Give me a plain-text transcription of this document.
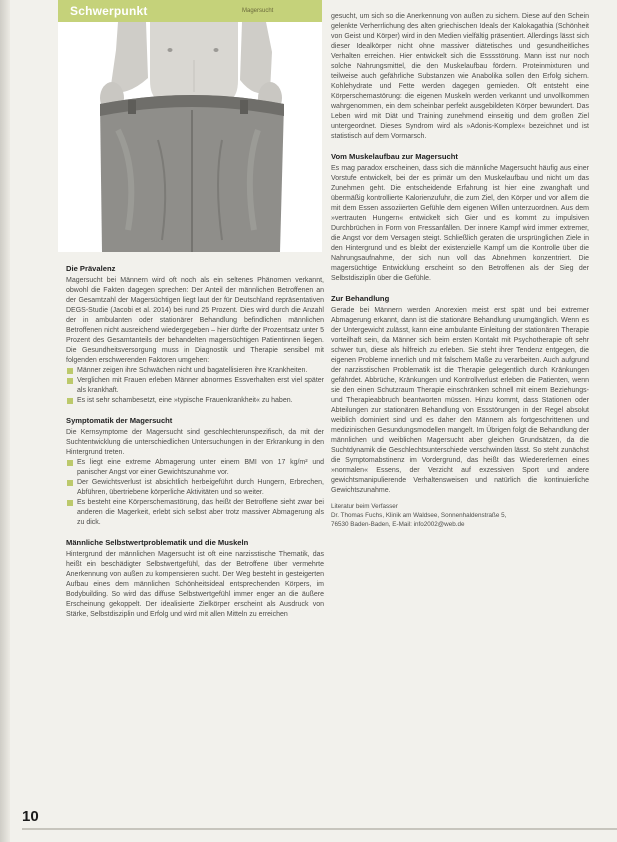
Schwerpunkt	Magersucht
Die Prävalenz

Magersucht bei Männern wird oft noch als ein seltenes Phänomen verkannt, obwohl die Fakten dagegen sprechen: Der Anteil der männlichen Betroffenen an der Gesamtzahl der Magersüchtigen liegt laut der für Deutschland repräsentativen DEGS-Studie (Jacobi et al. 2014) bei rund 25 Prozent. Dies wird durch die Anzahl der in ambulanten oder stationärer Behandlung befindlichen männlichen Betroffenen nicht ausreichend wiedergegeben – hier dürfte der Prozentsatz unter 5 Prozent des Gesamtanteils der behandelten magersüchtigen Patientinnen liegen. Die Gesundheitsversorgung muss in Diagnostik und Therapie sensibel mit folgenden erschwerenden Faktoren umgehen:

Männer zeigen ihre Schwächen nicht und bagatellisieren ihre Krankheiten.
Verglichen mit Frauen erleben Männer abnormes Essverhalten erst viel später als krankhaft.
Es ist sehr schambesetzt, eine »typische Frauenkrankheit« zu haben.
Symptomatik der Magersucht

Die Kernsymptome der Magersucht sind geschlechterunspezifisch, da mit der Suchtentwicklung die unterschiedlichen Untersuchungen in der Erkrankung in den Hintergrund treten.

Es liegt eine extreme Abmagerung unter einem BMI von 17 kg/m² und panischer Angst vor einer Gewichtszunahme vor.
Der Gewichtsverlust ist absichtlich herbeigeführt durch Hungern, Erbrechen, Abführen, übertriebene körperliche Aktivitäten und so weiter.
Es besteht eine Körperschemastörung, das heißt der Betroffene sieht zwar bei anderen die Magerkeit, erlebt sich selbst aber trotz massiver Abmagerung als zu dick.
Männliche Selbstwertproblematik und die Muskeln

Hintergrund der männlichen Magersucht ist oft eine narzisstische Thematik, das heißt ein beschädigter Selbstwertgefühl, das der Betroffene über vermehrte Anerkennung von außen zu kompensieren sucht. Der Weg besteht in gesteigerten Aufbau eines dem männlichen Schönheitsideal entsprechenden Körpers, im Bodybuilding. So wird das diffuse Selbstwertgefühl immer enger an die äußere Erscheinung gekoppelt. Der idealisierte Zielkörper erscheint als Ausdruck von Stärke, Selbstdisziplin und Erfolg und wird mit allen Mitteln zu erreichen

gesucht, um sich so die Anerkennung von außen zu sichern. Diese auf den Schein gelenkte Verherrlichung des alten griechischen Ideals der Kalokagathia (Schönheit von Geist und Körper) wird in den Medien vielfältig präsentiert. Allerdings lässt sich dieser Idealkörper nicht ohne massiver diätetisches und gesundheitliches Verhalten erreichen. Hier entwickelt sich die Esssstörung. Mann isst nur noch solche Nahrungsmittel, die den Muskelaufbau fördern. Proteinmixturen und teilweise auch gefährliche Substanzen wie Anabolika sollen den Erfolg sichern. Kohlehydrate und Fette werden dagegen gemieden. Oft entsteht eine Körperschemastörung: die eigenen Muskeln werden verkannt und unvollkommen wahrgenommen, ein dem scheinbar perfekt ausgebildeten Körper bewundert. Das Leben wird mit Diät und Training zunehmend einseitig und dem großen Ziel untergeordnet. Dieses Syndrom wird als »Adonis-Komplex« bezeichnet und ist statistisch auf dem Vormarsch.

Vom Muskelaufbau zur Magersucht

Es mag paradox erscheinen, dass sich die männliche Magersucht häufig aus einer Vorstufe entwickelt, bei der es primär um den Muskelaufbau und nicht um das Zunehmen geht. Die entscheidende Erfahrung ist hier eine zwanghaft und übermäßig kontrollierte Kalorienzufuhr, die zum Ziel, den Körper und vor allem die mit dem Essen assoziierten Gefühle dem eigenen Willen unterzuordnen. Aus dem »vertrauten Hungern« entwickelt sich Gier und es kommt zu impulsiven Durchbrüchen in Form von Fressanfällen. Der innere Kampf wird immer extremer, die Angst vor dem Versagen steigt. Schließlich geraten die ursprünglichen Ziele in den Hintergrund und es bleibt der existenzielle Kampf um die Kontrolle über die Nahrungsaufnahme, der sich nun voll das Abnehmen konzentriert. Die magersüchtige Entwicklung erscheint so den Betroffenen als der Sieg der Selbstdisziplin über die Gefühle.

Zur Behandlung

Gerade bei Männern werden Anorexien meist erst spät und bei extremer Abmagerung erkannt, dann ist die stationäre Behandlung unumgänglich. Wenn es der Untergewicht zulässt, kann eine ambulante Einleitung der stationären Therapie vorteilhaft sein, da Männer sich beim ersten Kontakt mit Psychotherapie oft sehr schwer tun, diese als hilfreich zu erleben. Sie steht ihrer Tendenz entgegen, die eigenen Probleme innerlich und mit falschem Maße zu verarbeiten. Auch aufgrund der narzisstischen Problematik ist die Therapie gelegentlich durch Kränkungen gefährdet. Abbrüche, Kränkungen und Kontrollverlust erleben die Patienten, wenn sie den einen Schutzraum Therapie einschränken schnell mit einem Beziehungs- und Therapieabbruch beantworten müssen. Hinzu kommt, dass Stationen oder Abteilungen zur stationären Behandlung von Essstörungen in der Regel absolut weiblich dominiert sind und es daher den Männern als fortgeschrittenen und medizinischen Gesundungsmodellen mangelt. Im Übrigen folgt die Behandlung der männlichen und weiblichen Magersucht aber gleichen Grundsätzen, da die Suchtdynamik die Geschlechtsunterschiede verschwinden lässt. So steht zunächst die Symptomabstinenz im Vordergrund, das heißt das Wiedererlernen eines »normalen« Essens, der Verzicht auf exzessiven Sport und andere gewichtsmanipulierende Verhaltensweisen und natürlich die kontinuierliche Gewichtszunahme.

Literatur beim Verfasser

Dr. Thomas Fuchs, Klinik am Waldsee, Sonnenhaldenstraße 5,

76530 Baden-Baden, E-Mail: info2002@web.de

10
